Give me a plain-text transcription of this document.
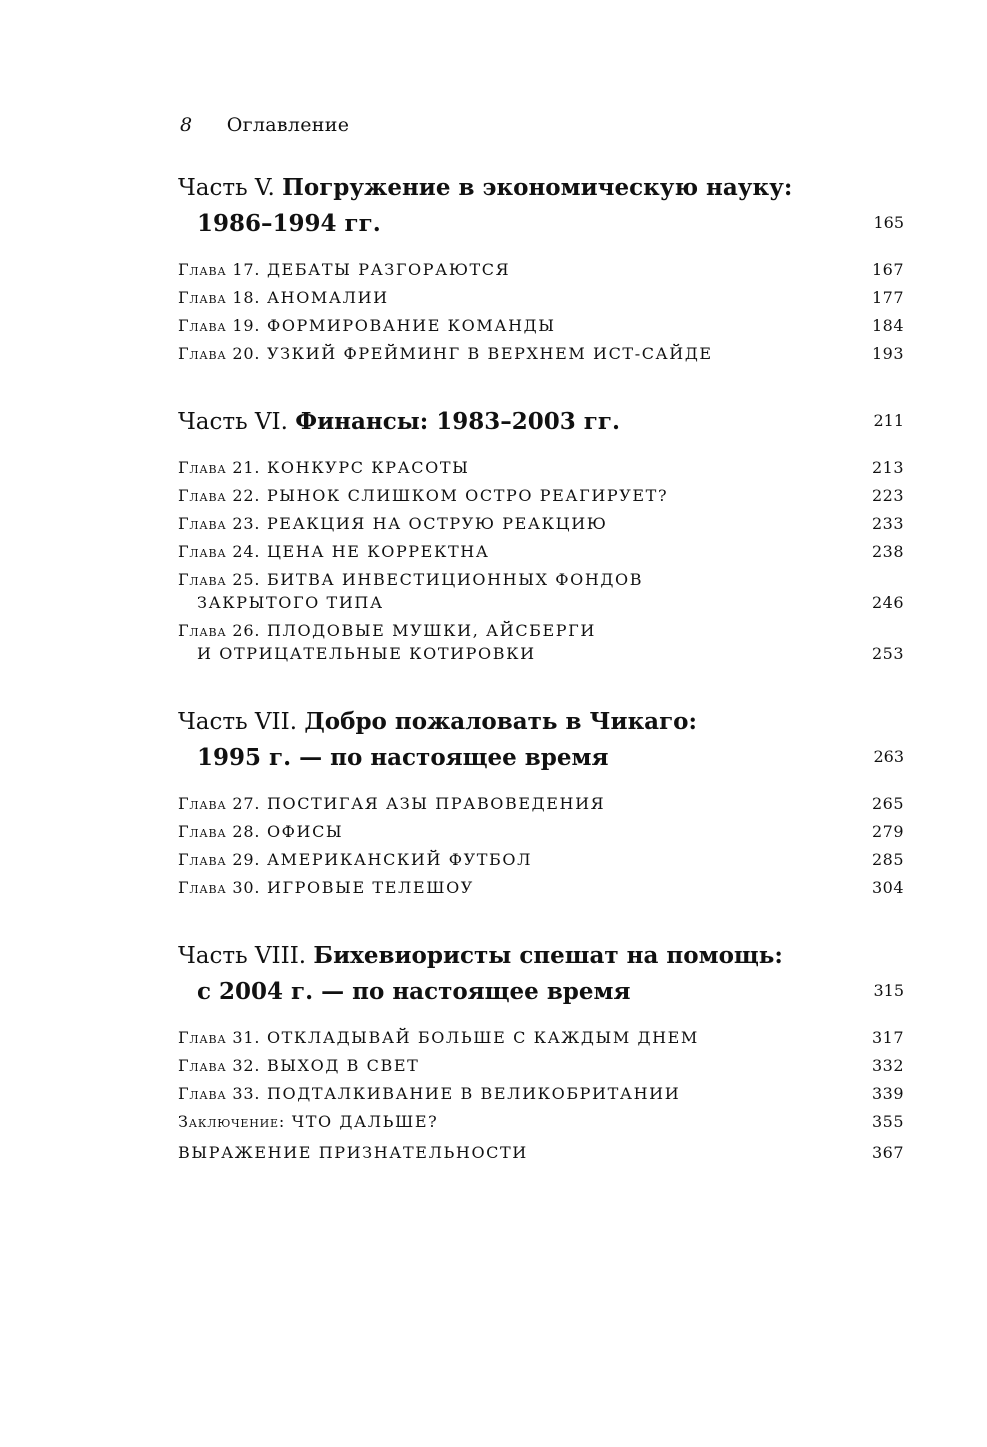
8 Оглавление
Часть V. Погружение в экономическую науку:
1986–1994 гг.	165
Глава 17. ДЕБАТЫ РАЗГОРАЮТСЯ	167
Глава 18. АНОМАЛИИ	177
Глава 19. ФОРМИРОВАНИЕ КОМАНДЫ	184
Глава 20. УЗКИЙ ФРЕЙМИНГ В ВЕРХНЕМ ИСТ-САЙДЕ	193
Часть VI. Финансы: 1983–2003 гг.	211
Глава 21. КОНКУРС КРАСОТЫ	213
Глава 22. РЫНОК СЛИШКОМ ОСТРО РЕАГИРУЕТ?	223
Глава 23. РЕАКЦИЯ НА ОСТРУЮ РЕАКЦИЮ	233
Глава 24. ЦЕНА НЕ КОРРЕКТНА	238
Глава 25. БИТВА ИНВЕСТИЦИОННЫХ ФОНДОВ
ЗАКРЫТОГО ТИПА	246
Глава 26. ПЛОДОВЫЕ МУШКИ, АЙСБЕРГИ
И ОТРИЦАТЕЛЬНЫЕ КОТИРОВКИ	253
Часть VII. Добро пожаловать в Чикаго:
1995 г. — по настоящее время	263
Глава 27. ПОСТИГАЯ АЗЫ ПРАВОВЕДЕНИЯ	265
Глава 28. ОФИСЫ	279
Глава 29. АМЕРИКАНСКИЙ ФУТБОЛ	285
Глава 30. ИГРОВЫЕ ТЕЛЕШОУ	304
Часть VIII. Бихевиористы спешат на помощь:
с 2004 г. — по настоящее время	315
Глава 31. ОТКЛАДЫВАЙ БОЛЬШЕ С КАЖДЫМ ДНЕМ	317
Глава 32. ВЫХОД В СВЕТ	332
Глава 33. ПОДТАЛКИВАНИЕ В ВЕЛИКОБРИТАНИИ	339
Заключение: ЧТО ДАЛЬШЕ?	355
ВЫРАЖЕНИЕ ПРИЗНАТЕЛЬНОСТИ	367
